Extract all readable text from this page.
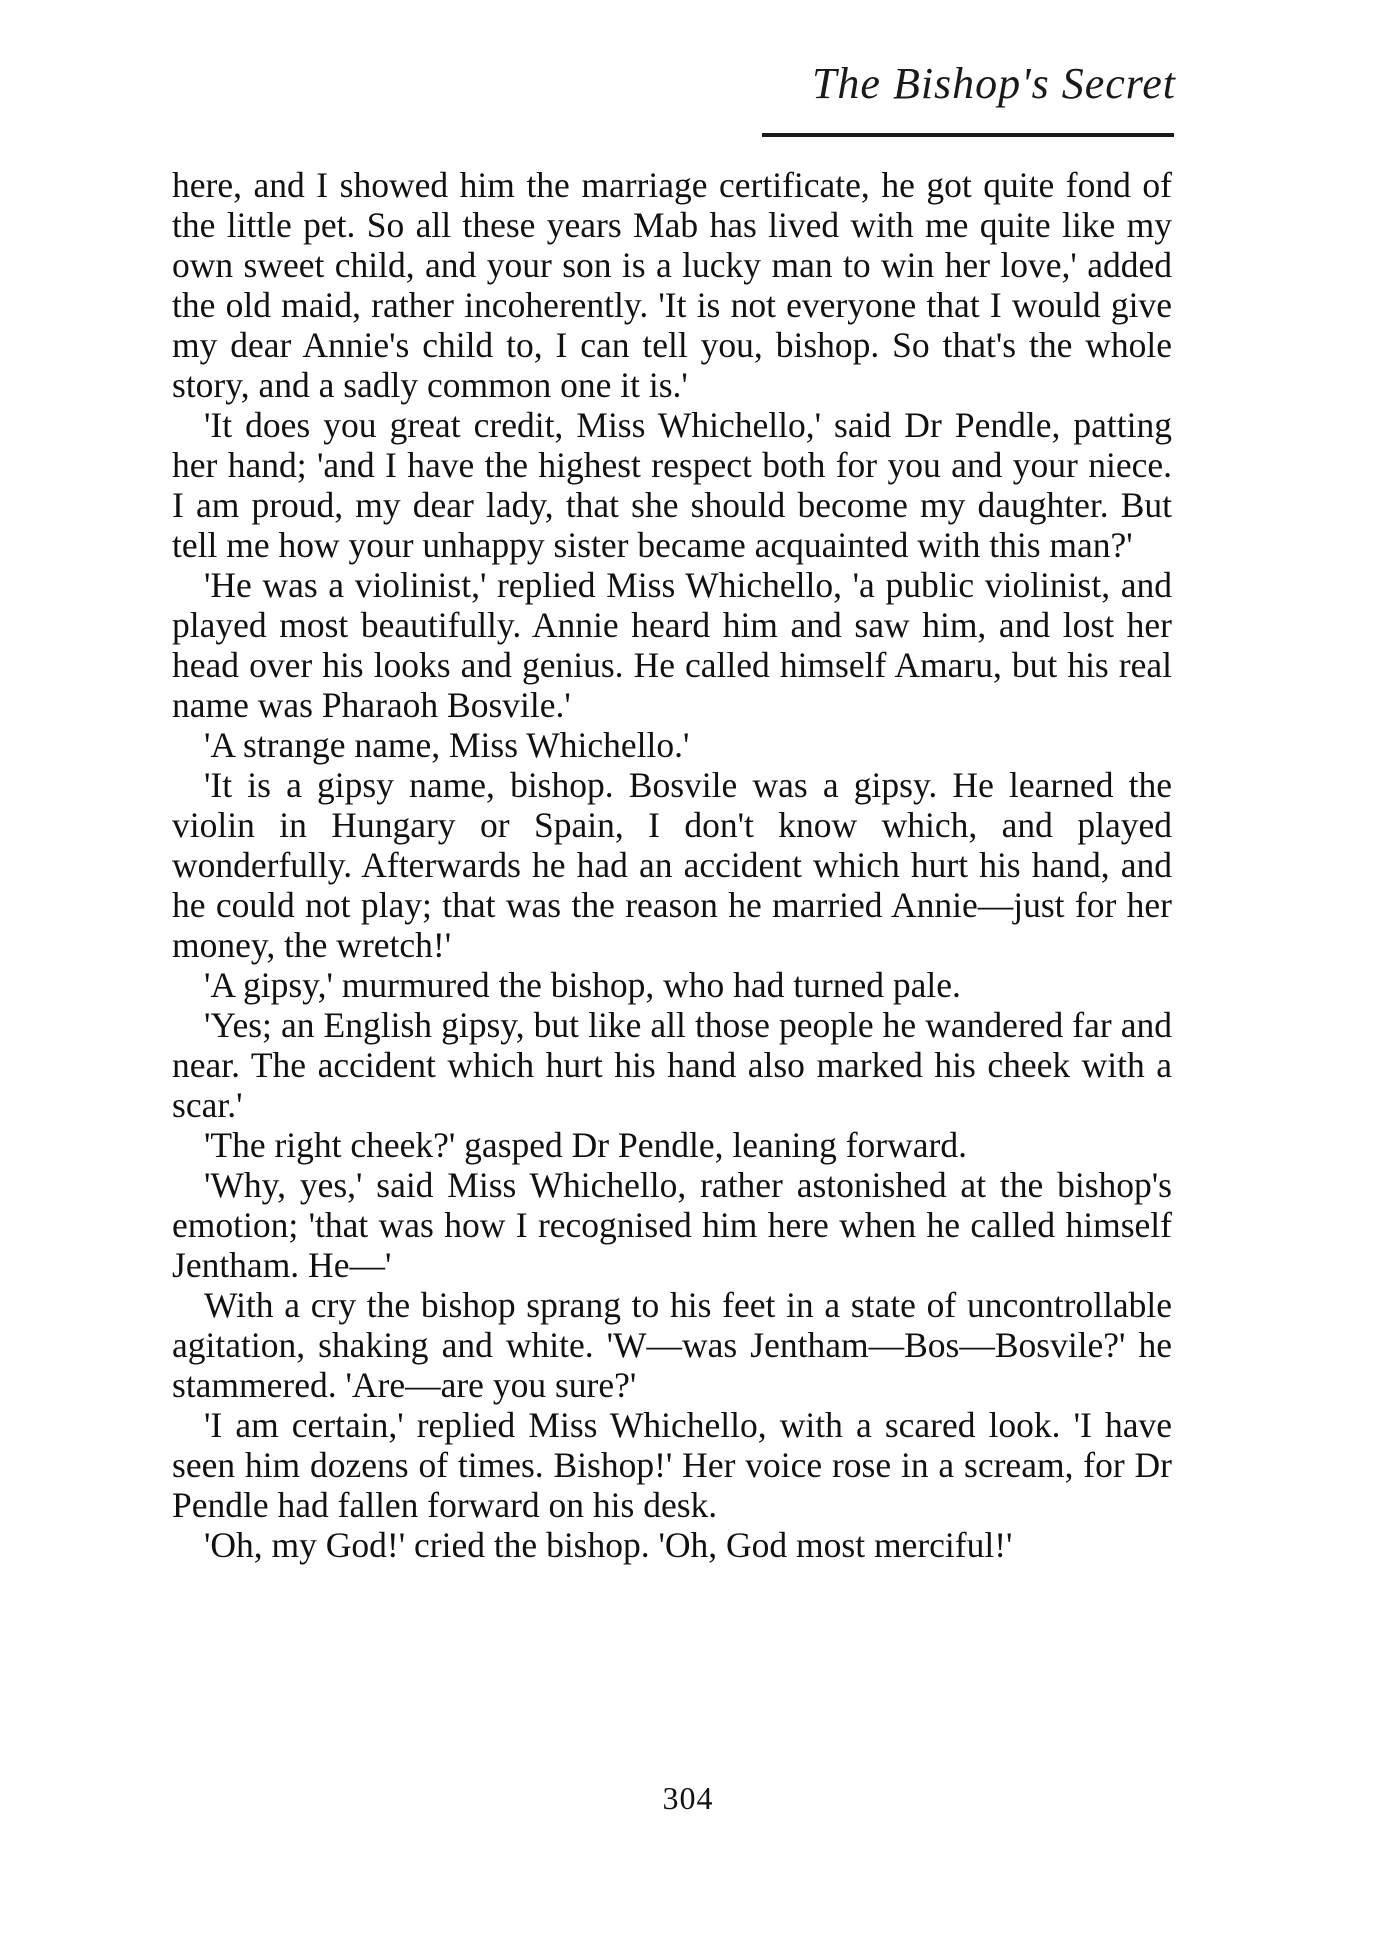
The Bishop's Secret

here, and I showed him the marriage certificate, he got quite fond of the little pet. So all these years Mab has lived with me quite like my own sweet child, and your son is a lucky man to win her love,' added the old maid, rather incoherently. 'It is not everyone that I would give my dear Annie's child to, I can tell you, bishop. So that's the whole story, and a sadly common one it is.'

'It does you great credit, Miss Whichello,' said Dr Pendle, patting her hand; 'and I have the highest respect both for you and your niece. I am proud, my dear lady, that she should become my daughter. But tell me how your unhappy sister became acquainted with this man?'

'He was a violinist,' replied Miss Whichello, 'a public violinist, and played most beautifully. Annie heard him and saw him, and lost her head over his looks and genius. He called himself Amaru, but his real name was Pharaoh Bosvile.'

'A strange name, Miss Whichello.'

'It is a gipsy name, bishop. Bosvile was a gipsy. He learned the violin in Hungary or Spain, I don't know which, and played wonderfully. Afterwards he had an accident which hurt his hand, and he could not play; that was the reason he married Annie—just for her money, the wretch!'

'A gipsy,' murmured the bishop, who had turned pale.

'Yes; an English gipsy, but like all those people he wandered far and near. The accident which hurt his hand also marked his cheek with a scar.'

'The right cheek?' gasped Dr Pendle, leaning forward.

'Why, yes,' said Miss Whichello, rather astonished at the bishop's emotion; 'that was how I recognised him here when he called himself Jentham. He—'

With a cry the bishop sprang to his feet in a state of uncontrollable agitation, shaking and white. 'W—was Jentham—Bos—Bosvile?' he stammered. 'Are—are you sure?'

'I am certain,' replied Miss Whichello, with a scared look. 'I have seen him dozens of times. Bishop!' Her voice rose in a scream, for Dr Pendle had fallen forward on his desk.

'Oh, my God!' cried the bishop. 'Oh, God most merciful!'

304
